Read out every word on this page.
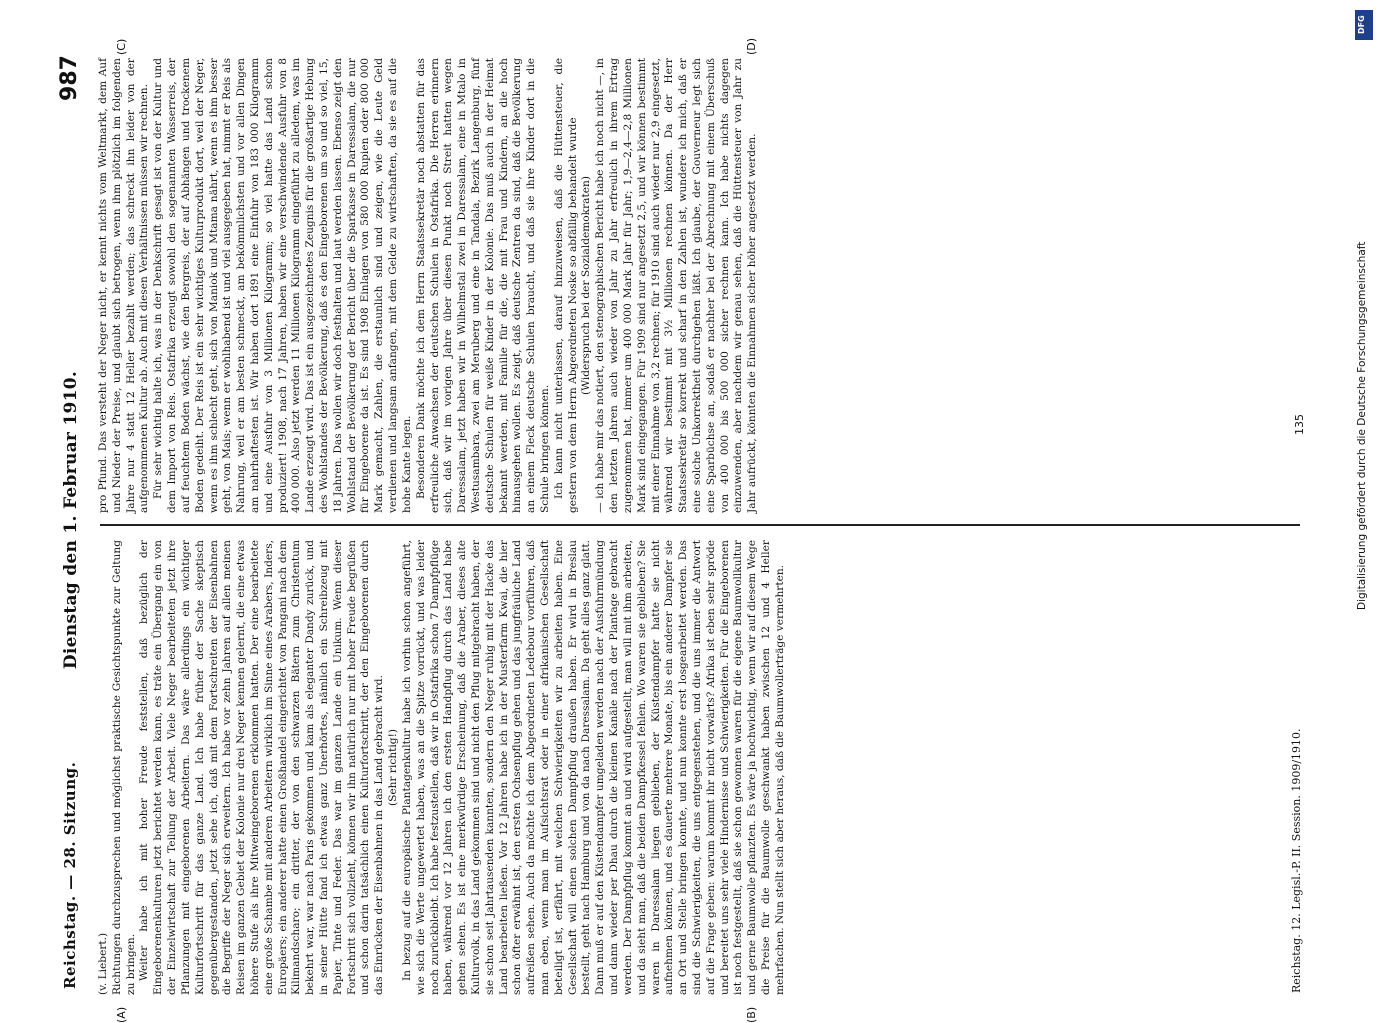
Reichstag. — 28. Sitzung.
Dienstag den 1. Februar 1910.
987

(v. Liebert.) Richtungen durchzusprechen und möglichst praktische Gesichtspunkte zur Geltung zu bringen. Weiter habe ich mit hoher Freude feststellen, daß bezüglich der Eingeborenenkulturen jetzt berichtet werden kann, es träte ein Übergang ein von der Einzelwirtschaft zur Teilung der Arbeit. Viele Neger bearbeiteten jetzt ihre Pflanzungen mit eingeborenen Arbeitern. Das wäre allerdings ein wichtiger Kulturfortschritt für das ganze Land. Ich habe früher der Sache skeptisch gegenübergestanden, jetzt sehe ich, daß mit dem Fortschreiten der Eisenbahnen die Begriffe der Neger sich erweitern. Ich habe vor zehn Jahren auf allen meinen Reisen im ganzen Gebiet der Kolonie nur drei Neger kennen gelernt, die eine etwas höhere Stufe als ihre Mitweingeborenen erklommen hatten. Der eine bearbeitete eine große Schambe mit anderen Arbeitern wirklich im Sinne eines Arabers, Inders, Europäers; ein anderer hatte einen Großhandel eingerichtet von Pangani nach dem Kilimandscharo; ein dritter, der von den schwarzen Bätern zum Christentum bekehrt war, war nach Paris gekommen und kam als eleganter Dandy zurück, und in seiner Hütte fand ich etwas ganz Unerhörtes, nämlich ein Schreibzeug mit Papier, Tinte und Feder. Das war im ganzen Lande ein Unikum. Wenn dieser Fortschritt sich vollzieht, können wir ihn natürlich nur mit hoher Freude begrüßen und schon darin tatsächlich einen Kulturfortschritt, der den Eingeborenen durch das Einrücken der Eisenbahnen in das Land gebracht wird. (Sehr richtig!) In bezug auf die europäische Plantagenkultur habe ich vorhin schon angeführt, wie sich die Werte ungewertet haben, was an die Spitze vorrückt, und was leider noch zurückbleibt. Ich habe festzustellen, daß wir in Ostafrika schon 7 Dampfpflüge haben, während vor 12 Jahren ich den ersten Handpflug durch das Land habe gehen sehen. Es ist eine merkwürdige Erscheinung, daß die Araber, dieses alte Kulturvolk, in das Land gekommen sind und nicht den Pflug mitgebracht haben, der sie schon seit Jahrtausenden kannten, sondern den Neger ruhig mit der Hacke das Land bearbeiten ließen. Vor 12 Jahren habe ich in der Musterfarm Kwai, die hier schon öfter erwähnt ist, den ersten Ochsenpflug gehen und das jungfräuliche Land aufreißen sehen. Auch da möchte ich dem Abgeordneten Ledebour vorführen, daß man eben, wenn man im Aufsichtsrat oder in einer afrikanischen Gesellschaft beteiligt ist, erfährt, mit welchen Schwierigkeiten wir zu arbeiten haben. Eine Gesellschaft will einen solchen Dampfpflug draußen haben. Er wird in Breslau bestellt, geht nach Hamburg und von da nach Daressalam. Da geht alles ganz glatt. Dann muß er auf den Küstendampfer umgeladen werden nach der Ausfuhrmündung und dann wieder per Dhau durch die kleinen Kanäle nach der Plantage gebracht werden. Der Dampfpflug kommt an und wird aufgestellt, man will mit ihm arbeiten, und da sieht man, daß die beiden Dampfkessel fehlen. Wo waren sie geblieben? Sie waren in Daressalam liegen geblieben, der Küstendampfer hatte sie nicht aufnehmen können, und es dauerte mehrere Monate, bis ein anderer Dampfer sie an Ort und Stelle bringen konnte, und nun konnte erst losgearbeitet werden. Das sind die Schwierigkeiten, die uns entgegenstehen, und die uns immer die Antwort auf die Frage geben: warum kommt ihr nicht vorwärts? Afrika ist eben sehr spröde und bereitet uns sehr viele Hindernisse und Schwierigkeiten. Für die Eingeborenen ist noch festgestellt, daß sie schon gewonnen waren für die eigene Baumwollkultur und gerne Baumwolle pflanzten. Es wäre ja hochwichtig, wenn wir auf diesem Wege die Preise für die Baumwolle geschwankt haben zwischen 12 und 4 Heller mehrfachen. Nun stellt sich aber heraus, daß die Baumwollerträge vermehrten.

pro Pfund. Das versteht der Neger nicht, er kennt nichts vom Weltmarkt, dem Auf und Nieder der Preise, und glaubt sich betrogen, wenn ihm plötzlich im folgenden Jahre nur 4 statt 12 Heller bezahlt werden; das schreckt ihn leider von der aufgenommenen Kultur ab. Auch mit diesen Verhältnissen müssen wir rechnen. Für sehr wichtig halte ich, was in der Denkschrift gesagt ist von der Kultur und dem Import von Reis. Ostafrika erzeugt sowohl den sogenannten Wasserreis, der auf feuchtem Boden wächst, wie den Bergreis, der auf Abhängen und trockenem Boden gedeiht. Der Reis ist ein sehr wichtiges Kulturprodukt dort, weil der Neger, wenn es ihm schlecht geht, sich von Maniok und Mtama nährt, wenn es ihm besser geht, von Mais; wenn er wohlhabend ist und viel ausgegeben hat, nimmt er Reis als Nahrung, weil er am besten schmeckt, am bekömmlichsten und vor allen Dingen am nahrhaftesten ist. Wir haben dort 1891 eine Einfuhr von 183 000 Kilogramm und eine Ausfuhr von 3 Millionen Kilogramm; so viel hatte das Land schon produziert! 1908, nach 17 Jahren, haben wir eine verschwindende Ausfuhr von 8 400 000. Also jetzt werden 11 Millionen Kilogramm eingeführt zu alledem, was im Lande erzeugt wird. Das ist ein ausgezeichnetes Zeugnis für die großartige Hebung des Wohlstandes der Bevölkerung, daß es den Eingeborenen um so und so viel, 15, 18 Jahren. Das wollen wir doch festhalten und laut werden lassen. Ebenso zeigt den Wohlstand der Bevölkerung der Bericht über die Sparkasse in Daressalam, die nur für Eingeborene da ist. Es sind 1908 Einlagen von 580 000 Rupien oder 800 000 Mark gemacht, Zahlen, die erstaunlich sind und zeigen, wie die Leute Geld verdienen und langsam anfangen, mit dem Gelde zu wirtschaften, da sie es auf die hohe Kante legen. Besonderen Dank möchte ich dem Herrn Staatssekretär noch abstatten für das erfreuliche Anwachsen der deutschen Schulen in Ostafrika. Die Herren erinnern sich, daß wir im vorigen Jahre über diesen Punkt noch Streit hatten wegen Daressalam, jetzt haben wir in Wilhelmstal zwei in Daressalam, eine in Mtalo in Westusambara, zwei am Meruberg und eine in Tandala, Bezirk Langenburg, fünf deutsche Schulen für weiße Kinder in der Kolonie. Das muß auch in der Heimat bekannt werden, mit Familie für die, die mit Frau und Kindern, an die hoch hinausgehen wollen. Es zeigt, daß deutsche Zentren da sind, daß die Bevölkerung an einem Fleck deutsche Schulen braucht, und daß sie ihre Kinder dort in die Schule bringen können. Ich kann nicht unterlassen, darauf hinzuweisen, daß die Hüttensteuer, die gestern von dem Herrn Abgeordneten Noske so abfällig behandelt wurde (Widerspruch bei der Sozialdemokraten) — ich habe mir das notiert, den stenographischen Bericht habe ich noch nicht —, in den letzten Jahren auch wieder von Jahr zu Jahr erfreulich in ihrem Ertrag zugenommen hat, immer um 400 000 Mark Jahr für Jahr; 1,9—2,4—2,8 Millionen Mark sind eingegangen. Für 1909 sind nur angesetzt 2,5, und wir können bestimmt mit einer Einnahme von 3,2 rechnen; für 1910 sind auch wieder nur 2,9 eingesetzt, während wir bestimmt mit 3½ Millionen rechnen können. Da der Herr Staatssekretär so korrekt und scharf in den Zahlen ist, wundere ich mich, daß er eine solche Unkorrektheit durchgehen läßt. Ich glaube, der Gouverneur legt sich eine Sparbüchse an, sodaß er nachher bei der Abrechnung mit einem Überschuß von 400 000 bis 500 000 sicher rechnen kann. Ich habe nichts dagegen einzuwenden, aber nachdem wir genau sehen, daß die Hüttensteuer von Jahr zu Jahr aufrückt, könnten die Einnahmen sicher höher angesetzt werden.

(A)	(B)
(C)	(D)
Reichstag. 12. Legisl.-P. II. Session. 1909/1910.
135	Digitalisierung gefördert durch die Deutsche Forschungsgemeinschaft
DFG
